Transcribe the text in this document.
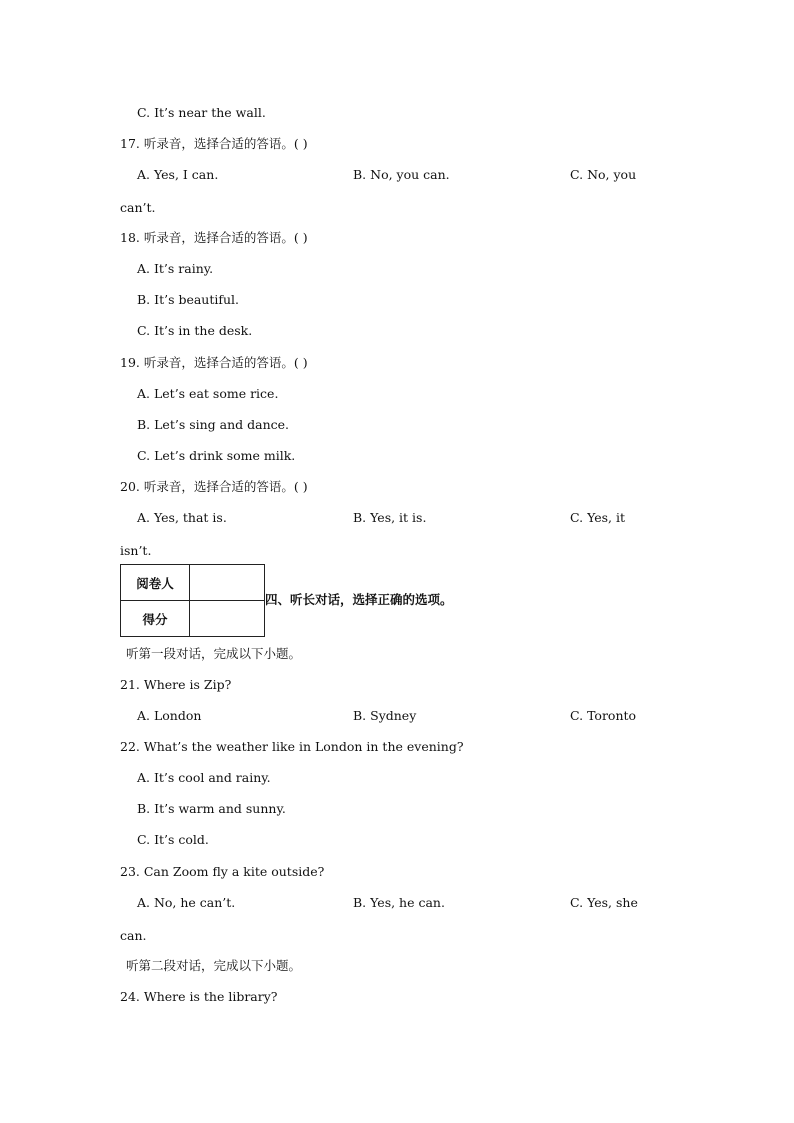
C. It’s near the wall.
17. 听录音，选择合适的答语。( )
A. Yes, I can.	B. No, you can.	C. No, you
can’t.
18. 听录音，选择合适的答语。( )
A. It’s rainy.
B. It’s beautiful.
C. It’s in the desk.
19. 听录音，选择合适的答语。( )
A. Let’s eat some rice.
B. Let’s sing and dance.
C. Let’s drink some milk.
20. 听录音，选择合适的答语。( )
A. Yes, that is.	B. Yes, it is.	C. Yes, it
isn’t.
阅卷人	
得分	
四、听长对话，选择正确的选项。
听第一段对话，完成以下小题。
21. Where is Zip?
A. London	B. Sydney	C. Toronto
22. What’s the weather like in London in the evening?
A. It’s cool and rainy.
B. It’s warm and sunny.
C. It’s cold.
23. Can Zoom fly a kite outside?
A. No, he can’t.	B. Yes, he can.	C. Yes, she
can.
听第二段对话，完成以下小题。
24. Where is the library?
